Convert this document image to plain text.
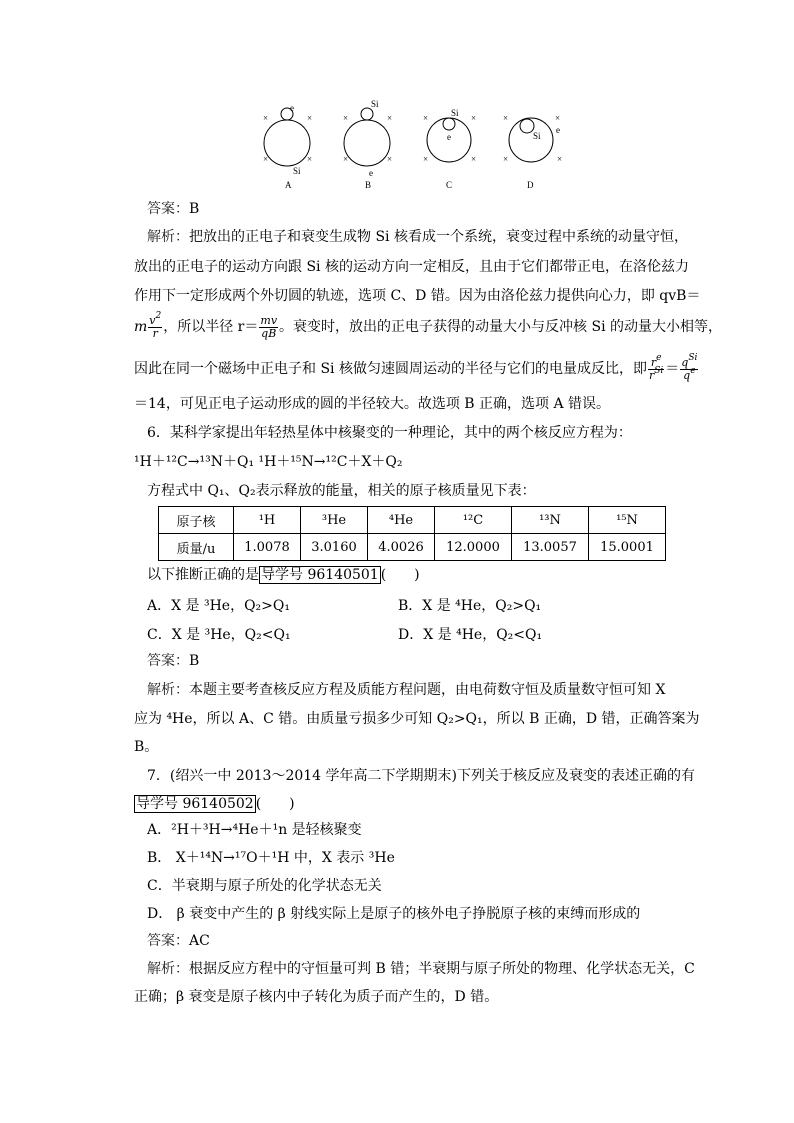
e
Si
A
×	×
×	×
Si
e
B
×	×
×	×
Si
e
C
×	×
×	×
Si
e
D
×	×
×	×
答案：B
解析：把放出的正电子和衰变生成物 Si 核看成一个系统，衰变过程中系统的动量守恒，
放出的正电子的运动方向跟 Si 核的运动方向一定相反，且由于它们都带正电，在洛伦兹力
作用下一定形成两个外切圆的轨迹，选项 C、D 错。因为由洛伦兹力提供向心力，即 qvB＝
m $\frac{v^2}{r}$ ，所以半径 $r= \frac{mv}{qB}$ 。衰变时，放出的正电子获得的动量大小与反冲核 Si 的动量大小相等，
因此在同一个磁场中正电子和 Si 核做匀速圆周运动的半径与它们的电量成反比，即 $\frac{r^e}{r^{Si}} = \frac{q^{Si}}{q^e}$
＝14，可见正电子运动形成的圆的半径较大。故选项 B 正确，选项 A 错误。
6．某科学家提出年轻热星体中核聚变的一种理论，其中的两个核反应方程为：
¹H＋¹²C→¹³N＋Q₁ ¹H＋¹⁵N→¹²C＋X＋Q₂
方程式中 Q₁、Q₂表示释放的能量，相关的原子核质量见下表：
原子核	¹H	³He	⁴He	¹²C	¹³N	¹⁵N
质量/u	1.0078	3.0160	4.0026	12.0000	13.0057	15.0001
以下推断正确的是 导学号 96140501 (　　)
A．X 是 ³He，Q₂>Q₁	B．X 是 ⁴He，Q₂>Q₁
C．X 是 ³He，Q₂<Q₁	D．X 是 ⁴He，Q₂<Q₁
答案：B
解析：本题主要考查核反应方程及质能方程问题，由电荷数守恒及质量数守恒可知 X
应为 ⁴He，所以 A、C 错。由质量亏损多少可知 Q₂>Q₁，所以 B 正确，D 错，正确答案为
B。
7．(绍兴一中 2013～2014 学年高二下学期期末)下列关于核反应及衰变的表述正确的有
导学号 96140502 (　　)
A．²H＋³H→⁴He＋¹n 是轻核聚变
B． X＋¹⁴N→¹⁷O＋¹H 中，X 表示 ³He
C．半衰期与原子所处的化学状态无关
D． β 衰变中产生的 β 射线实际上是原子的核外电子挣脱原子核的束缚而形成的
答案：AC
解析：根据反应方程中的守恒量可判 B 错；半衰期与原子所处的物理、化学状态无关，C
正确；β 衰变是原子核内中子转化为质子而产生的，D 错。
